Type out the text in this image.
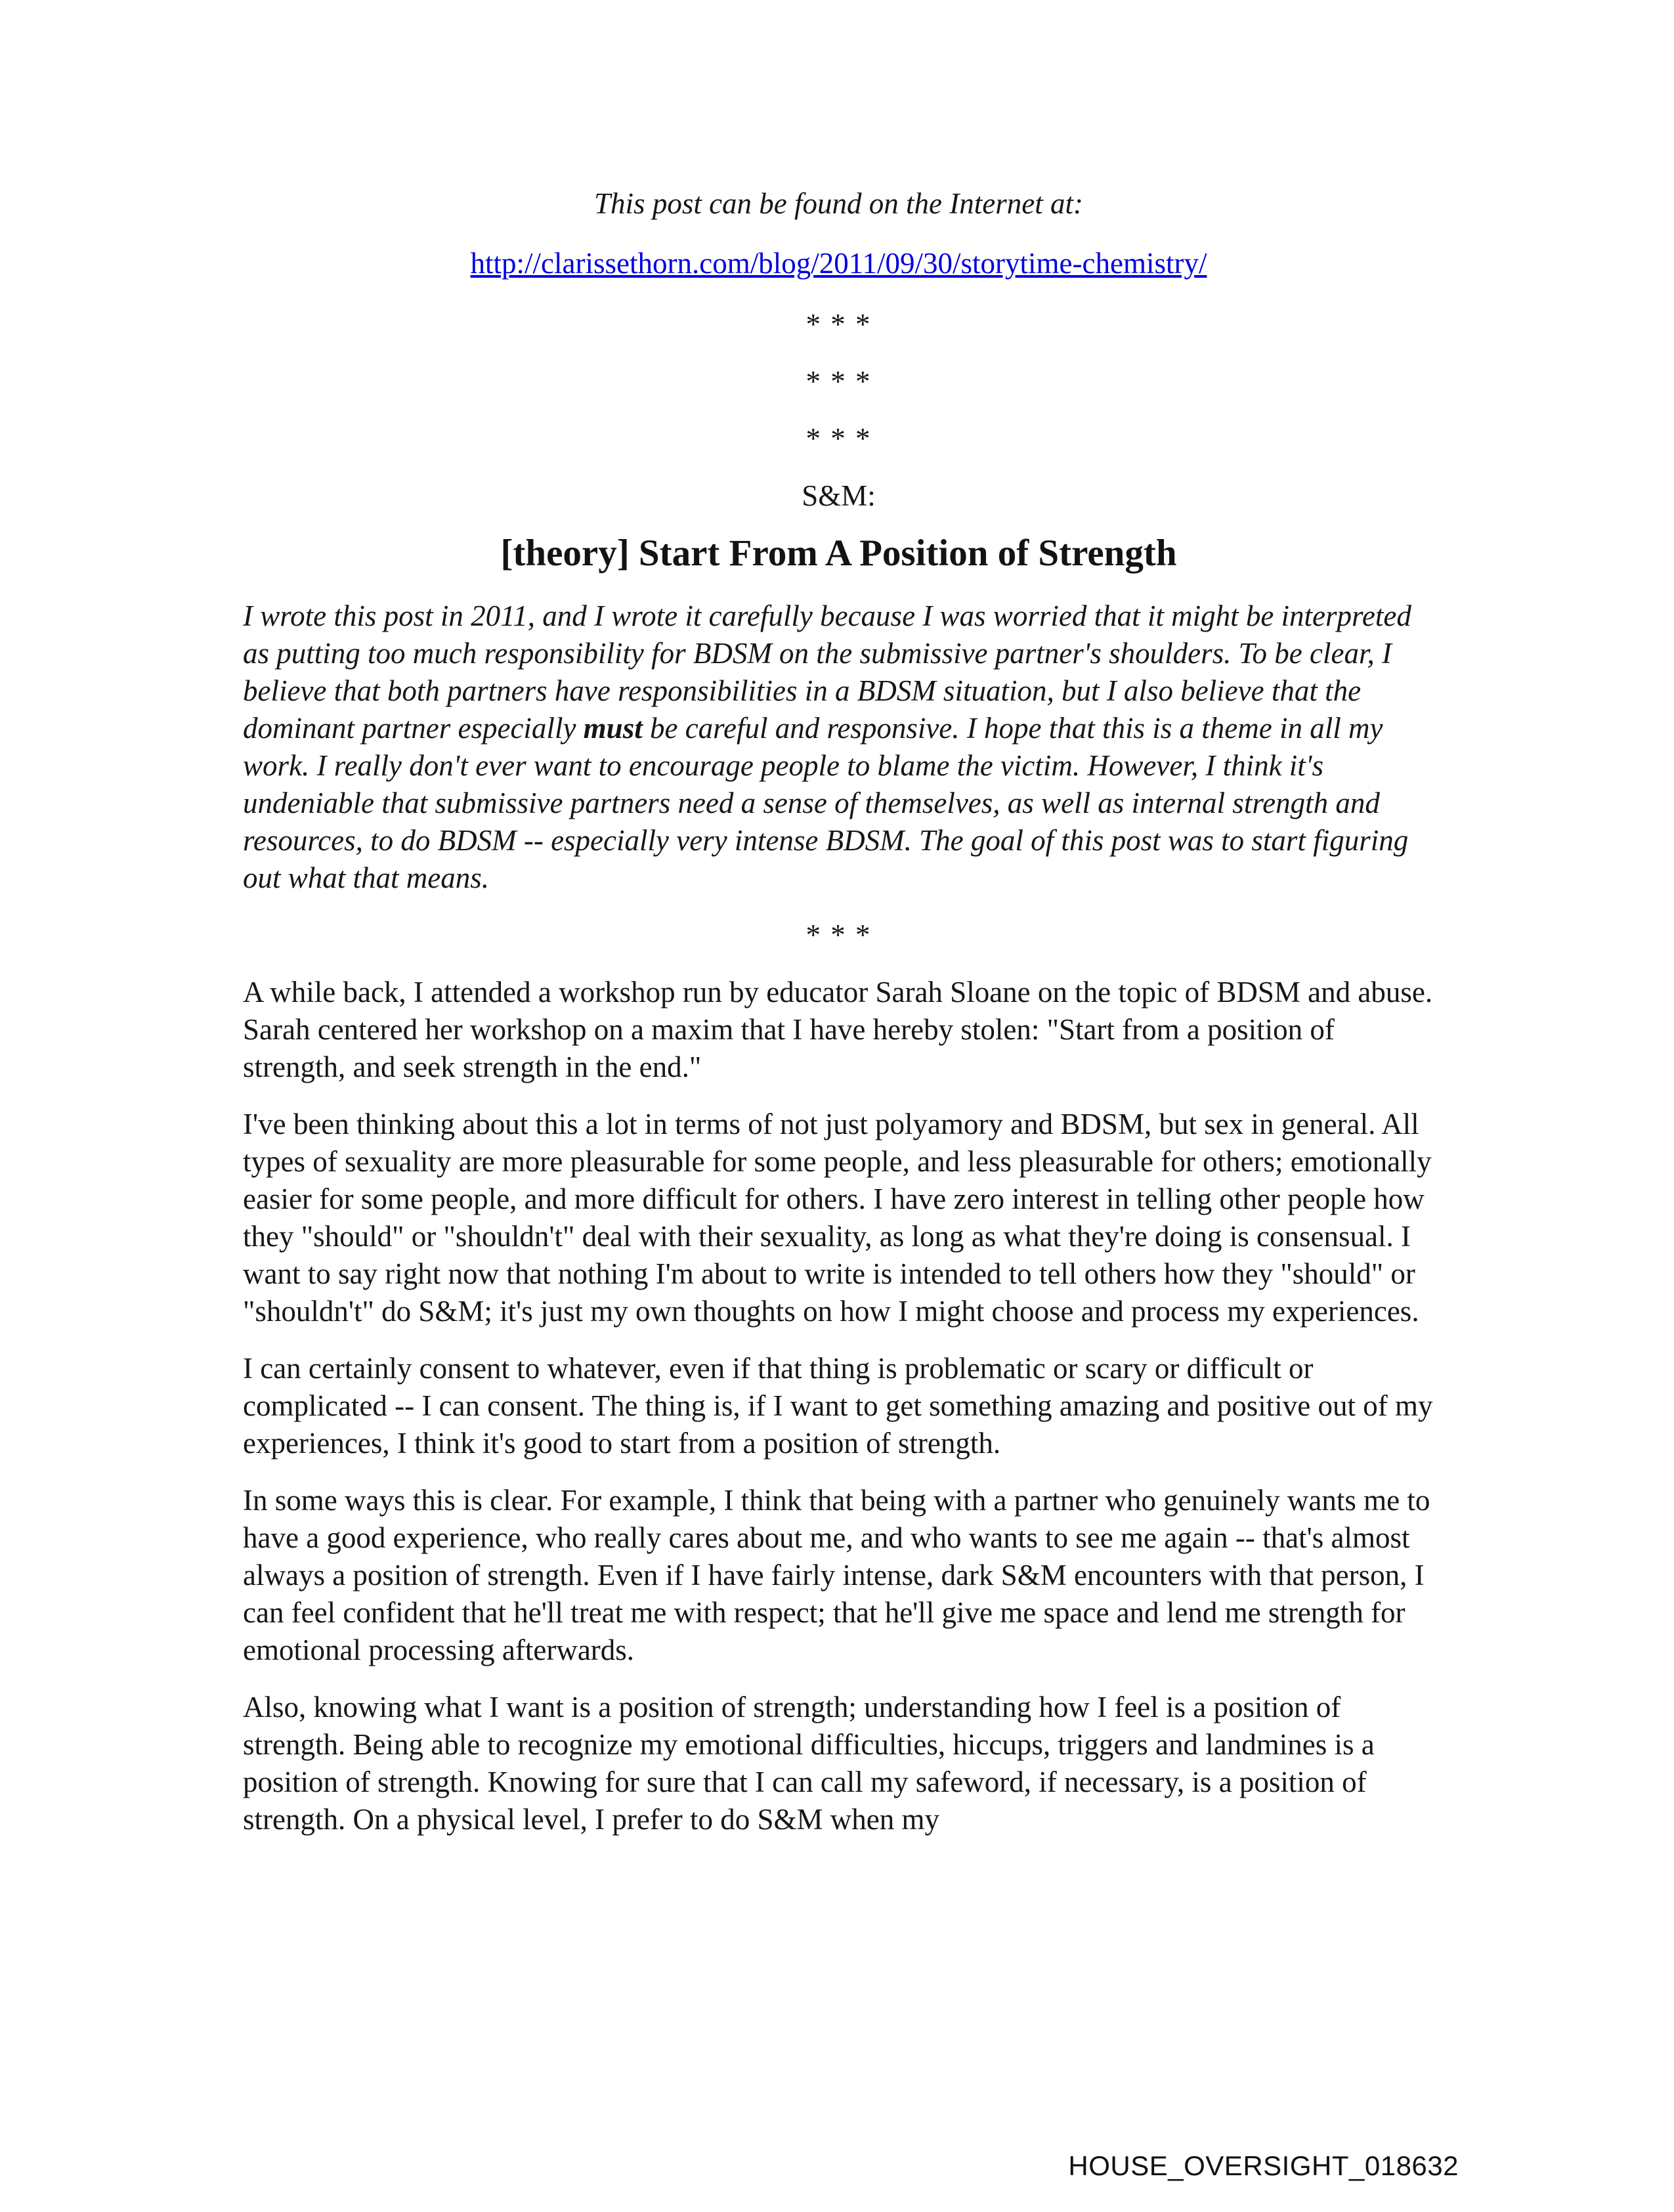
This post can be found on the Internet at:

http://clarissethorn.com/blog/2011/09/30/storytime-chemistry/

* * *

* * *

* * *

S&M:

[theory] Start From A Position of Strength

I wrote this post in 2011, and I wrote it carefully because I was worried that it might be interpreted as putting too much responsibility for BDSM on the submissive partner's shoulders. To be clear, I believe that both partners have responsibilities in a BDSM situation, but I also believe that the dominant partner especially must be careful and responsive. I hope that this is a theme in all my work. I really don't ever want to encourage people to blame the victim. However, I think it's undeniable that submissive partners need a sense of themselves, as well as internal strength and resources, to do BDSM -- especially very intense BDSM. The goal of this post was to start figuring out what that means.

* * *

A while back, I attended a workshop run by educator Sarah Sloane on the topic of BDSM and abuse. Sarah centered her workshop on a maxim that I have hereby stolen: "Start from a position of strength, and seek strength in the end."

I've been thinking about this a lot in terms of not just polyamory and BDSM, but sex in general. All types of sexuality are more pleasurable for some people, and less pleasurable for others; emotionally easier for some people, and more difficult for others. I have zero interest in telling other people how they "should" or "shouldn't" deal with their sexuality, as long as what they're doing is consensual. I want to say right now that nothing I'm about to write is intended to tell others how they "should" or "shouldn't" do S&M; it's just my own thoughts on how I might choose and process my experiences.

I can certainly consent to whatever, even if that thing is problematic or scary or difficult or complicated -- I can consent. The thing is, if I want to get something amazing and positive out of my experiences, I think it's good to start from a position of strength.

In some ways this is clear. For example, I think that being with a partner who genuinely wants me to have a good experience, who really cares about me, and who wants to see me again -- that's almost always a position of strength. Even if I have fairly intense, dark S&M encounters with that person, I can feel confident that he'll treat me with respect; that he'll give me space and lend me strength for emotional processing afterwards.

Also, knowing what I want is a position of strength; understanding how I feel is a position of strength. Being able to recognize my emotional difficulties, hiccups, triggers and landmines is a position of strength. Knowing for sure that I can call my safeword, if necessary, is a position of strength. On a physical level, I prefer to do S&M when my

HOUSE_OVERSIGHT_018632
